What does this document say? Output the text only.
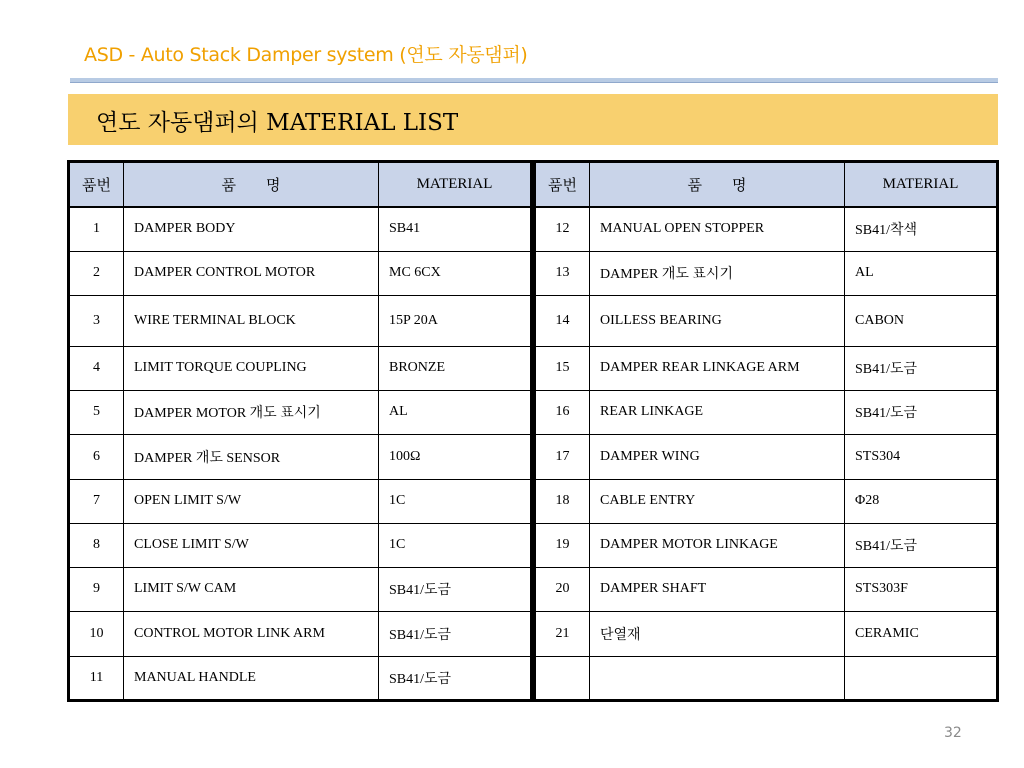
ASD - Auto Stack Damper system (연도 자동댐퍼)
연도 자동댐퍼의 MATERIAL LIST
품번	품　　명	MATERIAL
1	DAMPER BODY	SB41
2	DAMPER CONTROL MOTOR	MC 6CX
3	WIRE TERMINAL BLOCK	15P 20A
4	LIMIT TORQUE COUPLING	BRONZE
5	DAMPER MOTOR 개도 표시기	AL
6	DAMPER 개도 SENSOR	100Ω
7	OPEN LIMIT S/W	1C
8	CLOSE LIMIT S/W	1C
9	LIMIT S/W CAM	SB41/도금
10	CONTROL MOTOR LINK ARM	SB41/도금
11	MANUAL HANDLE	SB41/도금
품번	품　　명	MATERIAL
12	MANUAL OPEN STOPPER	SB41/착색
13	DAMPER 개도 표시기	AL
14	OILLESS BEARING	CABON
15	DAMPER REAR LINKAGE ARM	SB41/도금
16	REAR LINKAGE	SB41/도금
17	DAMPER WING	STS304
18	CABLE ENTRY	Φ28
19	DAMPER MOTOR LINKAGE	SB41/도금
20	DAMPER SHAFT	STS303F
21	단열재	CERAMIC

32
